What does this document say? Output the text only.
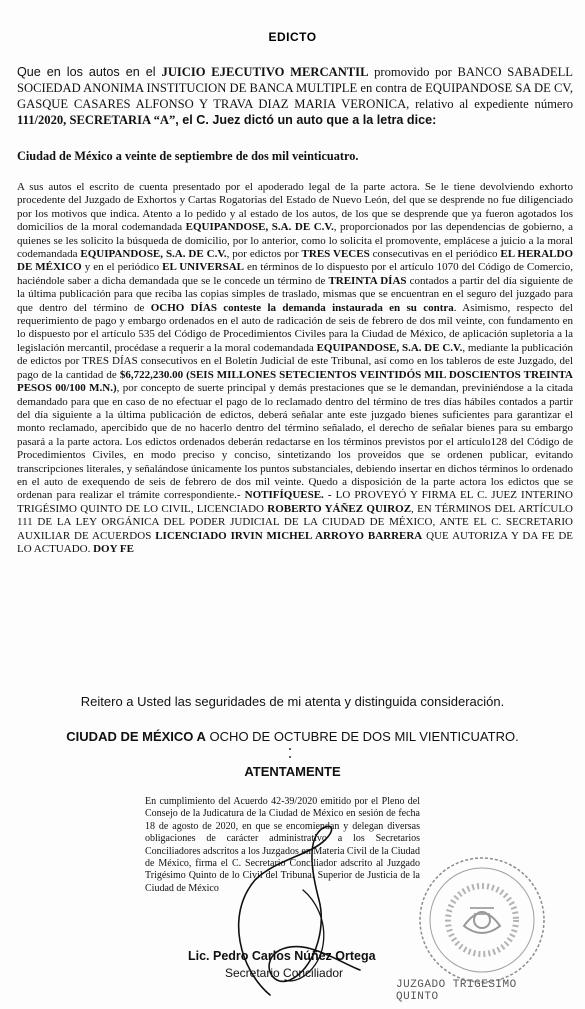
EDICTO
Que en los autos en el JUICIO EJECUTIVO MERCANTIL promovido por BANCO SABADELL SOCIEDAD ANONIMA INSTITUCION DE BANCA MULTIPLE en contra de EQUIPANDOSE SA DE CV, GASQUE CASARES ALFONSO Y TRAVA DIAZ MARIA VERONICA, relativo al expediente número 111/2020, SECRETARIA “A”, el C. Juez dictó un auto que a la letra dice:
Ciudad de México a veinte de septiembre de dos mil veinticuatro.
A sus autos el escrito de cuenta presentado por el apoderado legal de la parte actora. Se le tiene devolviendo exhorto procedente del Juzgado de Exhortos y Cartas Rogatorias del Estado de Nuevo León, del que se desprende no fue diligenciado por los motivos que indica. Atento a lo pedido y al estado de los autos, de los que se desprende que ya fueron agotados los domicilios de la moral codemandada EQUIPANDOSE, S.A. DE C.V., proporcionados por las dependencias de gobierno, a quienes se les solicito la búsqueda de domicilio, por lo anterior, como lo solicita el promovente, emplácese a juicio a la moral codemandada EQUIPANDOSE, S.A. DE C.V., por edictos por TRES VECES consecutivas en el periódico EL HERALDO DE MÉXICO y en el periódico EL UNIVERSAL en términos de lo dispuesto por el artículo 1070 del Código de Comercio, haciéndole saber a dicha demandada que se le concede un término de TREINTA DÍAS contados a partir del día siguiente de la última publicación para que reciba las copias simples de traslado, mismas que se encuentran en el seguro del juzgado para que dentro del término de OCHO DÍAS conteste la demanda instaurada en su contra. Asimismo, respecto del requerimiento de pago y embargo ordenados en el auto de radicación de seis de febrero de dos mil veinte, con fundamento en lo dispuesto por el artículo 535 del Código de Procedimientos Civiles para la Ciudad de México, de aplicación supletoria a la legislación mercantil, procédase a requerir a la moral codemandada EQUIPANDOSE, S.A. DE C.V., mediante la publicación de edictos por TRES DÍAS consecutivos en el Boletín Judicial de este Tribunal, así como en los tableros de este Juzgado, del pago de la cantidad de $6,722,230.00 (SEIS MILLONES SETECIENTOS VEINTIDÓS MIL DOSCIENTOS TREINTA PESOS 00/100 M.N.), por concepto de suerte principal y demás prestaciones que se le demandan, previniéndose a la citada demandado para que en caso de no efectuar el pago de lo reclamado dentro del término de tres días hábiles contados a partir del día siguiente a la última publicación de edictos, deberá señalar ante este juzgado bienes suficientes para garantizar el monto reclamado, apercibido que de no hacerlo dentro del término señalado, el derecho de señalar bienes para su embargo pasará a la parte actora. Los edictos ordenados deberán redactarse en los términos previstos por el artículo128 del Código de Procedimientos Civiles, en modo preciso y conciso, sintetizando los proveídos que se ordenen publicar, evitando transcripciones literales, y señalándose únicamente los puntos substanciales, debiendo insertar en dichos términos lo ordenado en el auto de exequendo de seis de febrero de dos mil veinte. Quedo a disposición de la parte actora los edictos que se ordenan para realizar el trámite correspondiente.- NOTIFÍQUESE. - LO PROVEYÓ Y FIRMA EL C. JUEZ INTERINO TRIGÉSIMO QUINTO DE LO CIVIL, LICENCIADO ROBERTO YÁÑEZ QUIROZ, EN TÉRMINOS DEL ARTÍCULO 111 DE LA LEY ORGÁNICA DEL PODER JUDICIAL DE LA CIUDAD DE MÉXICO, ANTE EL C. SECRETARIO AUXILIAR DE ACUERDOS LICENCIADO IRVIN MICHEL ARROYO BARRERA QUE AUTORIZA Y DA FE DE LO ACTUADO. DOY FE
Reitero a Usted las seguridades de mi atenta y distinguida consideración.
CIUDAD DE MÉXICO A OCHO DE OCTUBRE DE DOS MIL VIENTICUATRO.
ATENTAMENTE
En cumplimiento del Acuerdo 42-39/2020 emitido por el Pleno del Consejo de la Judicatura de la Ciudad de México en sesión de fecha 18 de agosto de 2020, en que se encomiendan y delegan diversas obligaciones de carácter administrativo a los Secretarios Conciliadores adscritos a los Juzgados en Materia Civil de la Ciudad de México, firma el C. Secretario Conciliador adscrito al Juzgado Trigésimo Quinto de lo Civil del Tribunal Superior de Justicia de la Ciudad de México
Lic. Pedro Carlos Núñez Ortega
Secretario Conciliador
JUZGADO TRIGESIMO QUINTO
